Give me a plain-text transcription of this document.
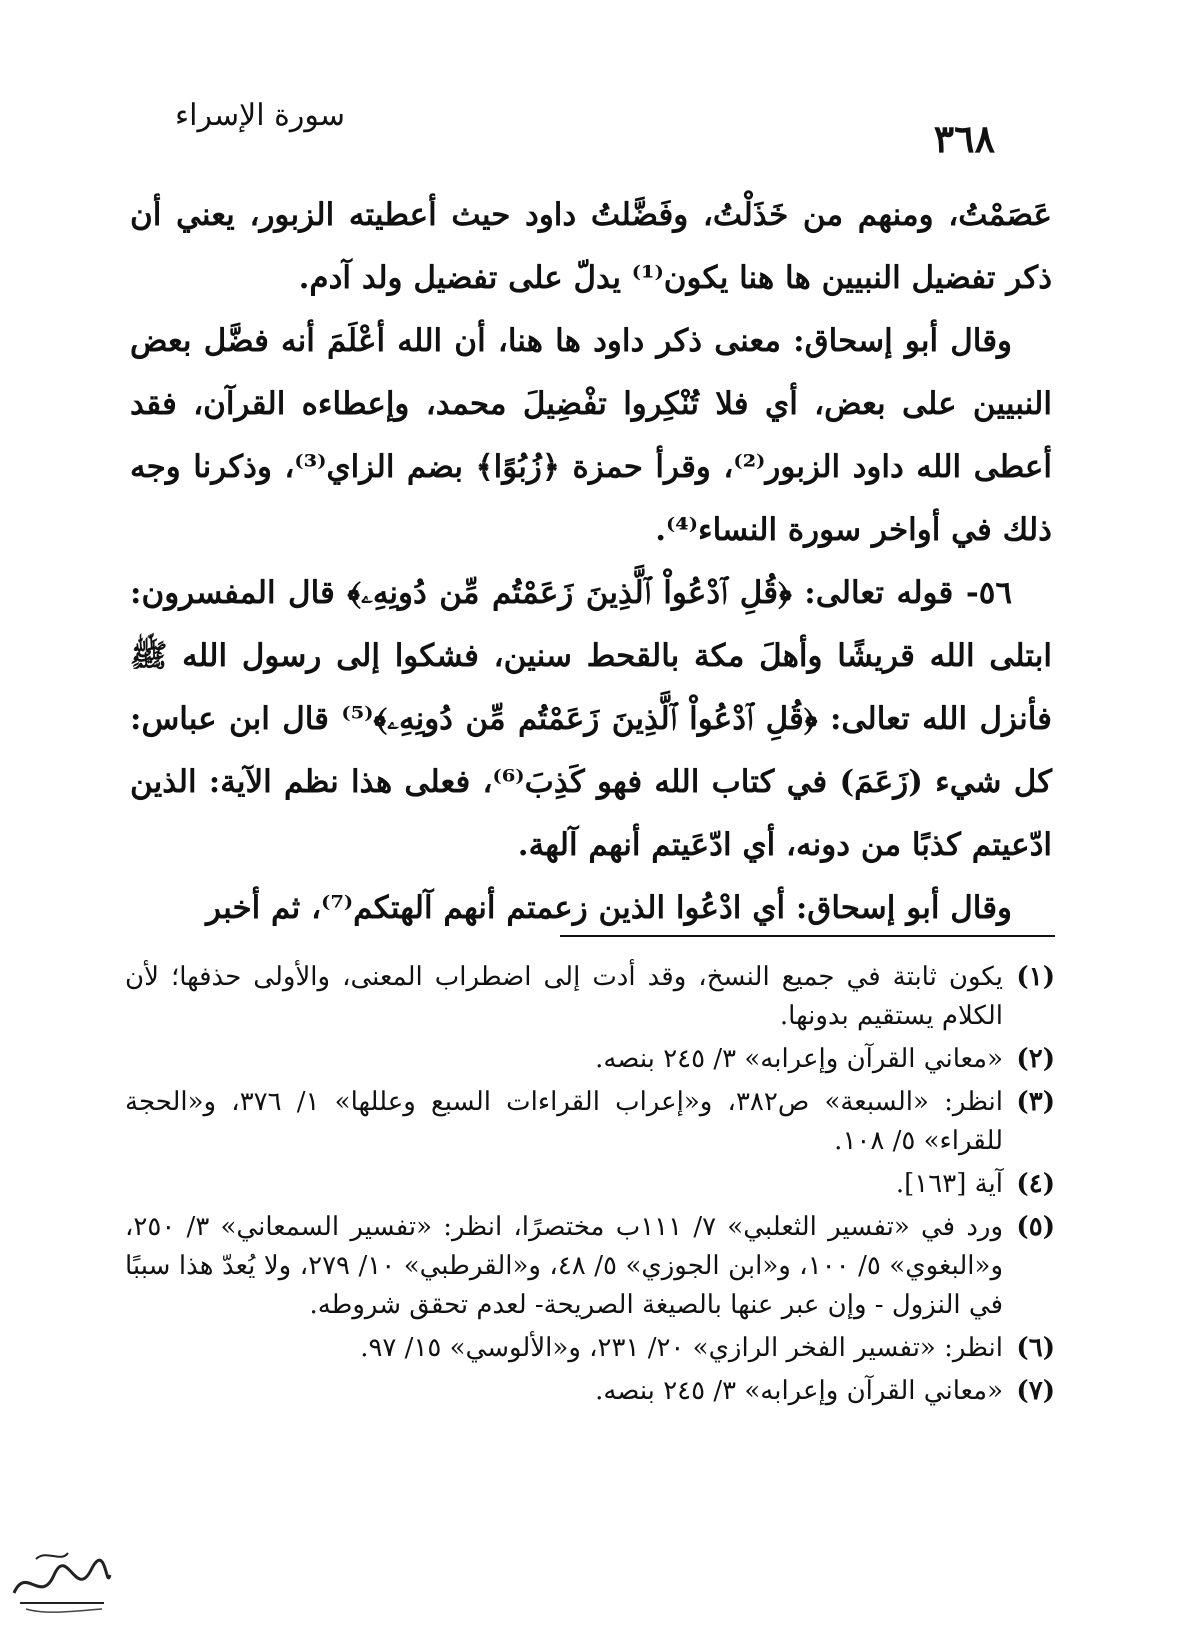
سورة الإسراء
٣٦٨

عَصَمْتُ، ومنهم من خَذَلْتُ، وفَضَّلتُ داود حيث أعطيته الزبور، يعني أن ذكر تفضيل النبيين ها هنا يكون⁽¹⁾ يدلّ على تفضيل ولد آدم.

وقال أبو إسحاق: معنى ذكر داود ها هنا، أن الله أعْلَمَ أنه فضَّل بعض النبيين على بعض، أي فلا تُنْكِروا تفْضِيلَ محمد، وإعطاءه القرآن، فقد أعطى الله داود الزبور⁽²⁾، وقرأ حمزة ﴿زُبُوًا﴾ بضم الزاي⁽³⁾، وذكرنا وجه ذلك في أواخر سورة النساء⁽⁴⁾.

٥٦- قوله تعالى: ﴿قُلِ ٱدْعُواْ ٱلَّذِينَ زَعَمْتُم مِّن دُونِهِۦ﴾ قال المفسرون: ابتلى الله قريشًا وأهلَ مكة بالقحط سنين، فشكوا إلى رسول الله ﷺ فأنزل الله تعالى: ﴿قُلِ ٱدْعُواْ ٱلَّذِينَ زَعَمْتُم مِّن دُونِهِۦ﴾⁽⁵⁾ قال ابن عباس: كل شيء (زَعَمَ) في كتاب الله فهو كَذِبَ⁽⁶⁾، فعلى هذا نظم الآية: الذين ادّعيتم كذبًا من دونه، أي ادّعَيتم أنهم آلهة.

وقال أبو إسحاق: أي ادْعُوا الذين زعمتم أنهم آلهتكم⁽⁷⁾، ثم أخبر

(١)
يكون ثابتة في جميع النسخ، وقد أدت إلى اضطراب المعنى، والأولى حذفها؛ لأن الكلام يستقيم بدونها.
(٢)
«معاني القرآن وإعرابه» ٣/ ٢٤٥ بنصه.
(٣)
انظر: «السبعة» ص٣٨٢، و«إعراب القراءات السبع وعللها» ١/ ٣٧٦، و«الحجة للقراء» ٥/ ١٠٨.
(٤)
آية [١٦٣].
(٥)
ورد في «تفسير الثعلبي» ٧/ ١١١ب مختصرًا، انظر: «تفسير السمعاني» ٣/ ٢٥٠، و«البغوي» ٥/ ١٠٠، و«ابن الجوزي» ٥/ ٤٨، و«القرطبي» ١٠/ ٢٧٩، ولا يُعدّ هذا سببًا في النزول - وإن عبر عنها بالصيغة الصريحة- لعدم تحقق شروطه.
(٦)
انظر: «تفسير الفخر الرازي» ٢٠/ ٢٣١، و«الألوسي» ١٥/ ٩٧.
(٧)
«معاني القرآن وإعرابه» ٣/ ٢٤٥ بنصه.
